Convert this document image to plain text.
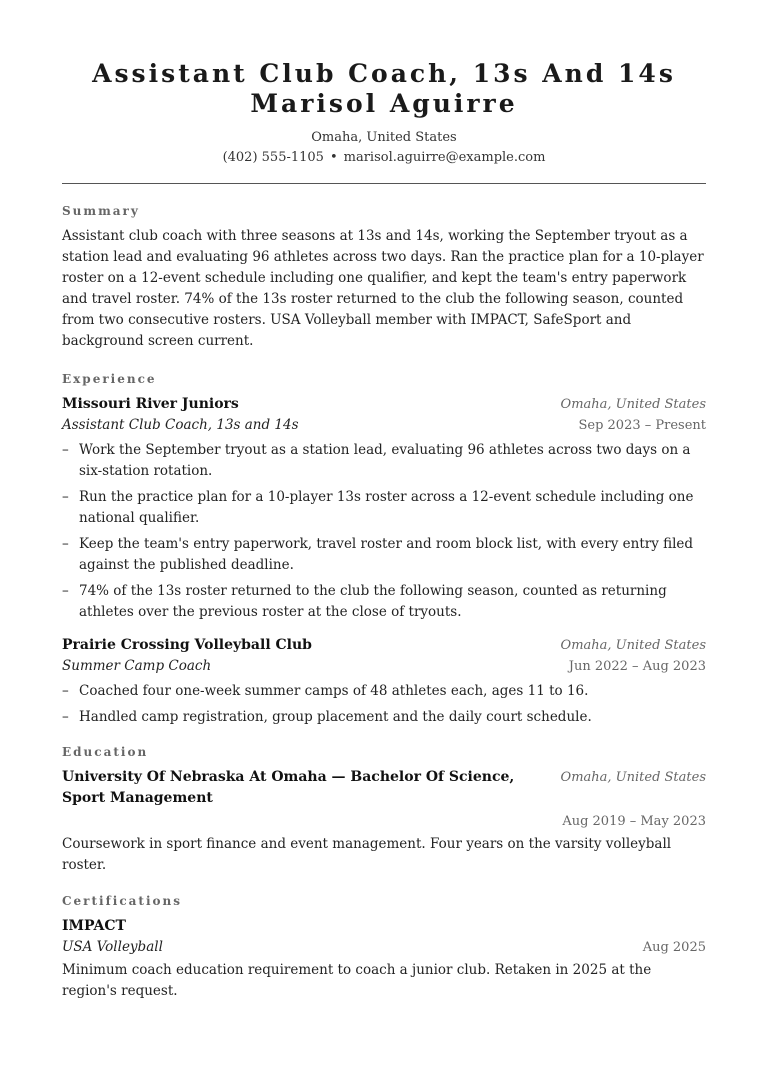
Assistant Club Coach, 13s And 14s
Marisol Aguirre
Omaha, United States
(402) 555-1105 • marisol.aguirre@example.com
Summary

Assistant club coach with three seasons at 13s and 14s, working the September tryout as a station lead and evaluating 96 athletes across two days. Ran the practice plan for a 10-player roster on a 12-event schedule including one qualifier, and kept the team's entry paperwork and travel roster. 74% of the 13s roster returned to the club the following season, counted from two consecutive rosters. USA Volleyball member with IMPACT, SafeSport and background screen current.

Experience
Missouri River Juniors	Omaha, United States
Assistant Club Coach, 13s and 14s	Sep 2023 – Present
– Work the September tryout as a station lead, evaluating 96 athletes across two days on a six-station rotation.
– Run the practice plan for a 10-player 13s roster across a 12-event schedule including one national qualifier.
– Keep the team's entry paperwork, travel roster and room block list, with every entry filed against the published deadline.
– 74% of the 13s roster returned to the club the following season, counted as returning athletes over the previous roster at the close of tryouts.
Prairie Crossing Volleyball Club	Omaha, United States
Summer Camp Coach	Jun 2022 – Aug 2023
– Coached four one-week summer camps of 48 athletes each, ages 11 to 16.
– Handled camp registration, group placement and the daily court schedule.
Education
University Of Nebraska At Omaha — Bachelor Of Science, Sport Management
Omaha, United States
Aug 2019 – May 2023

Coursework in sport finance and event management. Four years on the varsity volleyball roster.

Certifications
IMPACT
USA Volleyball	Aug 2025

Minimum coach education requirement to coach a junior club. Retaken in 2025 at the region's request.
